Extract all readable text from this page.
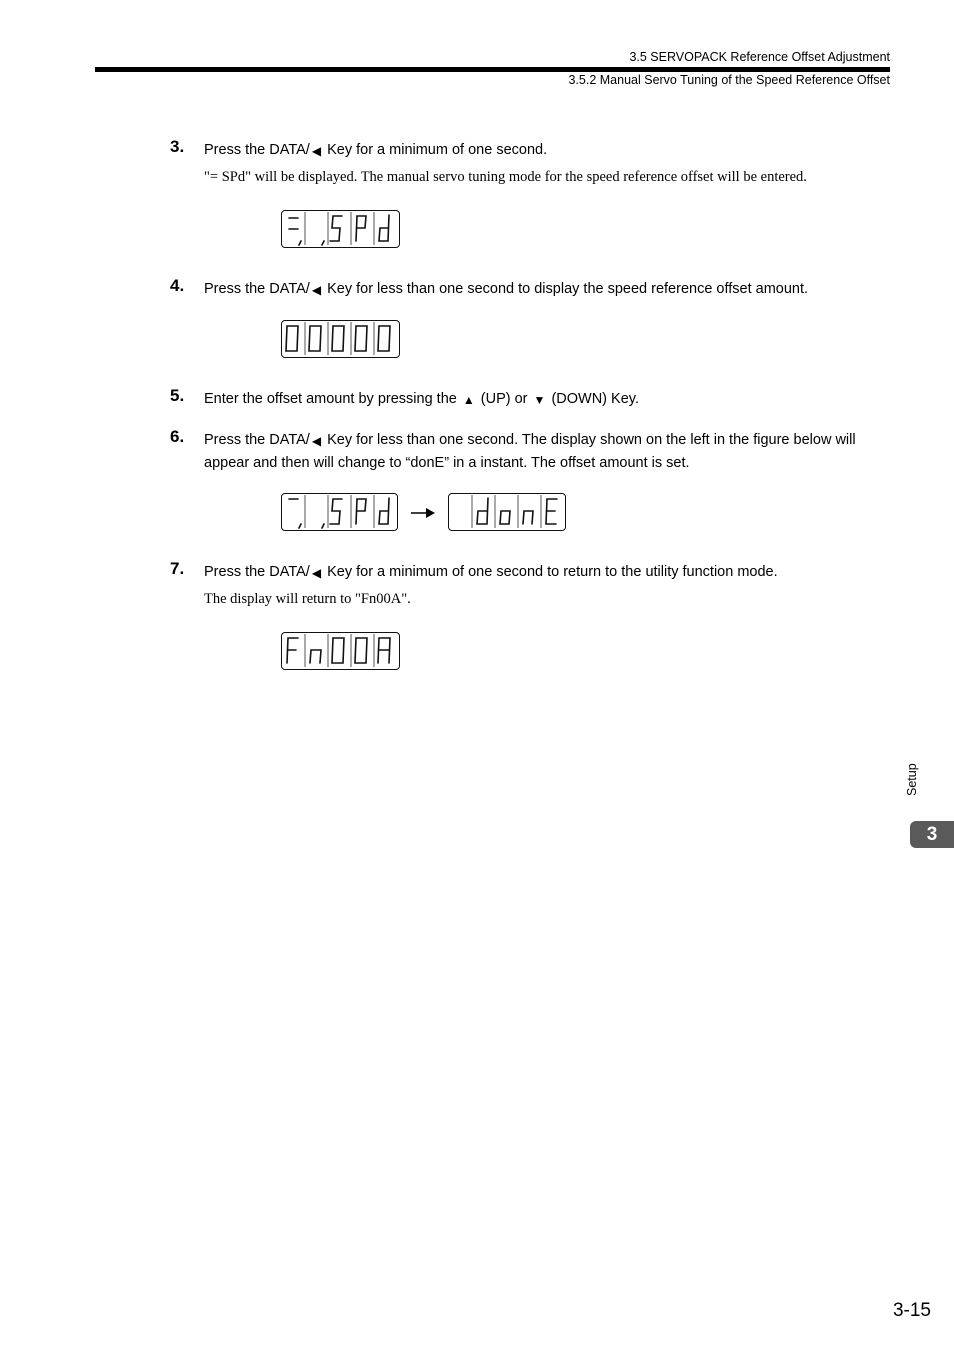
3.5 SERVOPACK Reference Offset Adjustment
3.5.2 Manual Servo Tuning of the Speed Reference Offset
3. Press the DATA/ ◀ Key for a minimum of one second.
"= SPd" will be displayed. The manual servo tuning mode for the speed reference offset will be entered.
4. Press the DATA/ ◀ Key for less than one second to display the speed reference offset amount.
5. Enter the offset amount by pressing the ▲ (UP) or ▼ (DOWN) Key.
6. Press the DATA/ ◀ Key for less than one second. The display shown on the left in the figure below will appear and then will change to “donE” in a instant. The offset amount is set.
7. Press the DATA/ ◀ Key for a minimum of one second to return to the utility function mode.
The display will return to "Fn00A".
Setup
3
3-15
